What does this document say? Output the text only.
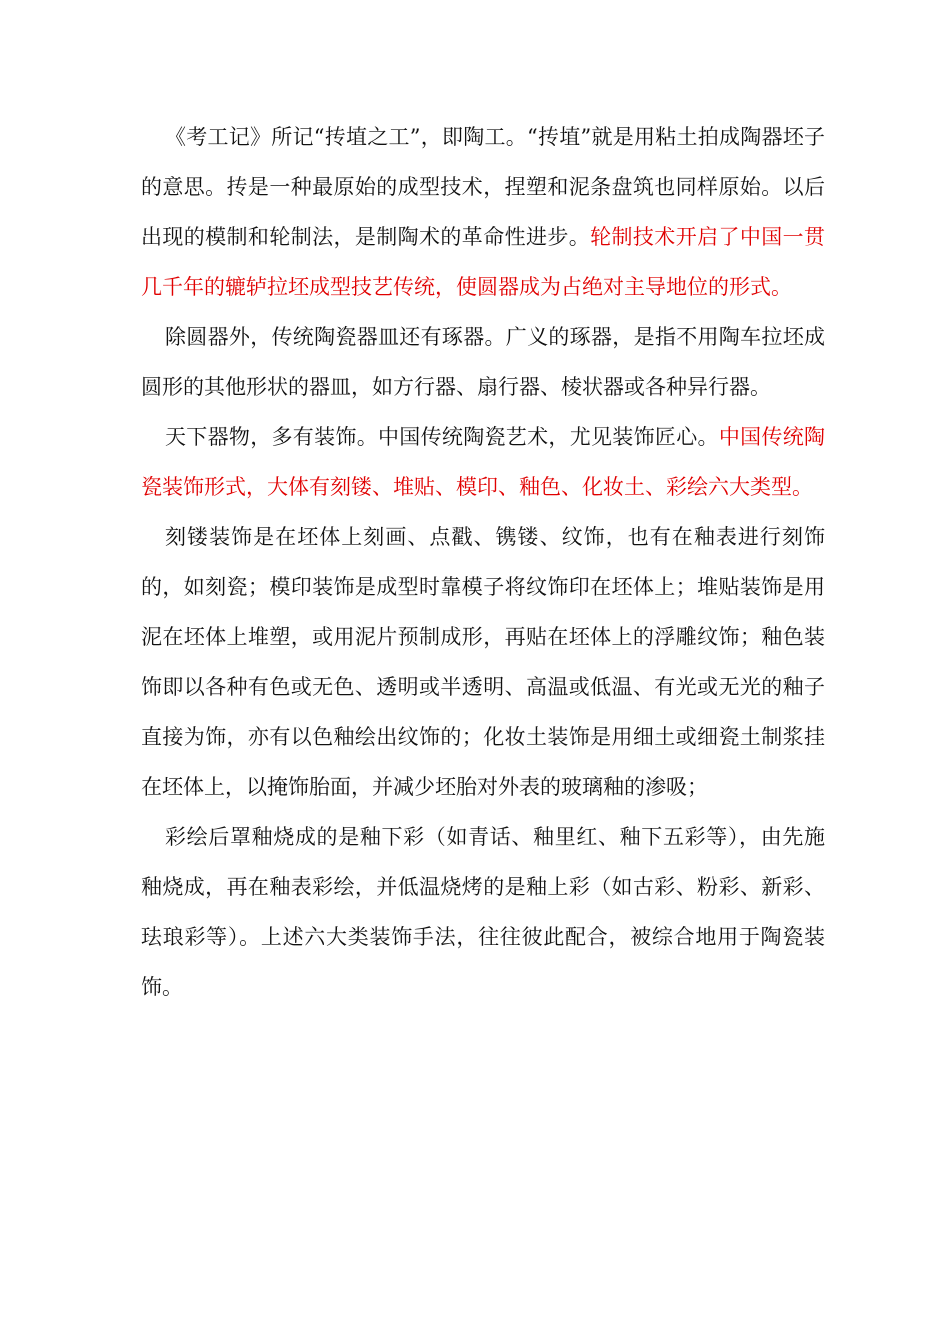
《考工记》所记“抟埴之工”，即陶工。“抟埴”就是用粘土拍成陶器坯子的意思。抟是一种最原始的成型技术，捏塑和泥条盘筑也同样原始。以后出现的模制和轮制法，是制陶术的革命性进步。轮制技术开启了中国一贯几千年的辘轳拉坯成型技艺传统，使圆器成为占绝对主导地位的形式。

除圆器外，传统陶瓷器皿还有琢器。广义的琢器，是指不用陶车拉坯成圆形的其他形状的器皿，如方行器、扇行器、棱状器或各种异行器。

天下器物，多有装饰。中国传统陶瓷艺术，尤见装饰匠心。中国传统陶瓷装饰形式，大体有刻镂、堆贴、模印、釉色、化妆土、彩绘六大类型。

刻镂装饰是在坯体上刻画、点戳、镌镂、纹饰，也有在釉表进行刻饰的，如刻瓷；模印装饰是成型时靠模子将纹饰印在坯体上；堆贴装饰是用泥在坯体上堆塑，或用泥片预制成形，再贴在坯体上的浮雕纹饰；釉色装饰即以各种有色或无色、透明或半透明、高温或低温、有光或无光的釉子直接为饰，亦有以色釉绘出纹饰的；化妆土装饰是用细土或细瓷土制浆挂在坯体上，以掩饰胎面，并减少坯胎对外表的玻璃釉的渗吸；

彩绘后罩釉烧成的是釉下彩（如青话、釉里红、釉下五彩等），由先施釉烧成，再在釉表彩绘，并低温烧烤的是釉上彩（如古彩、粉彩、新彩、珐琅彩等）。上述六大类装饰手法，往往彼此配合，被综合地用于陶瓷装饰。
